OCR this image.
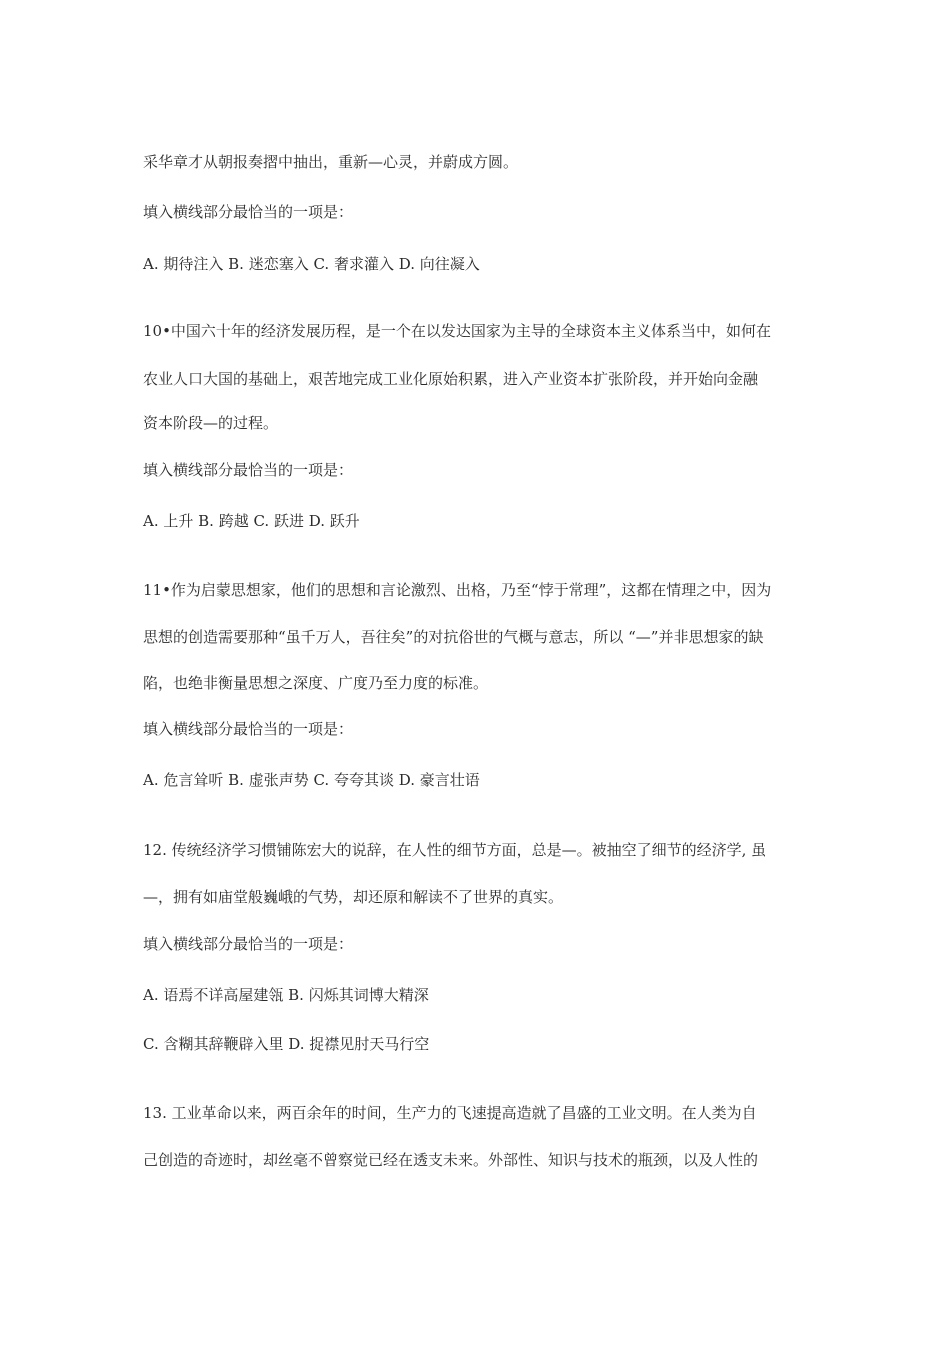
采华章才从朝报奏摺中抽出，重新—心灵，并蔚成方圆。
填入横线部分最恰当的一项是：
A. 期待注入 B. 迷恋塞入 C. 奢求灌入 D. 向往凝入
10•中国六十年的经济发展历程，是一个在以发达国家为主导的全球资本主义体系当中，如何在
农业人口大国的基础上，艰苦地完成工业化原始积累，进入产业资本扩张阶段，并开始向金融
资本阶段—的过程。
填入横线部分最恰当的一项是：
A. 上升 B. 跨越 C. 跃进 D. 跃升
11•作为启蒙思想家，他们的思想和言论激烈、出格，乃至“悖于常理”，这都在情理之中，因为
思想的创造需要那种“虽千万人，吾往矣”的对抗俗世的气概与意志，所以 “—”并非思想家的缺
陷，也绝非衡量思想之深度、广度乃至力度的标准。
填入横线部分最恰当的一项是：
A. 危言耸听 B. 虚张声势 C. 夸夸其谈 D. 豪言壮语
12. 传统经济学习惯铺陈宏大的说辞，在人性的细节方面，总是—。被抽空了细节的经济学, 虽
—，拥有如庙堂般巍峨的气势，却还原和解读不了世界的真实。
填入横线部分最恰当的一项是：
A. 语焉不详高屋建瓴 B. 闪烁其词博大精深
C. 含糊其辞鞭辟入里 D. 捉襟见肘天马行空
13. 工业革命以来，两百余年的时间，生产力的飞速提高造就了昌盛的工业文明。在人类为自
己创造的奇迹时，却丝毫不曾察觉已经在透支未来。外部性、知识与技术的瓶颈，以及人性的
